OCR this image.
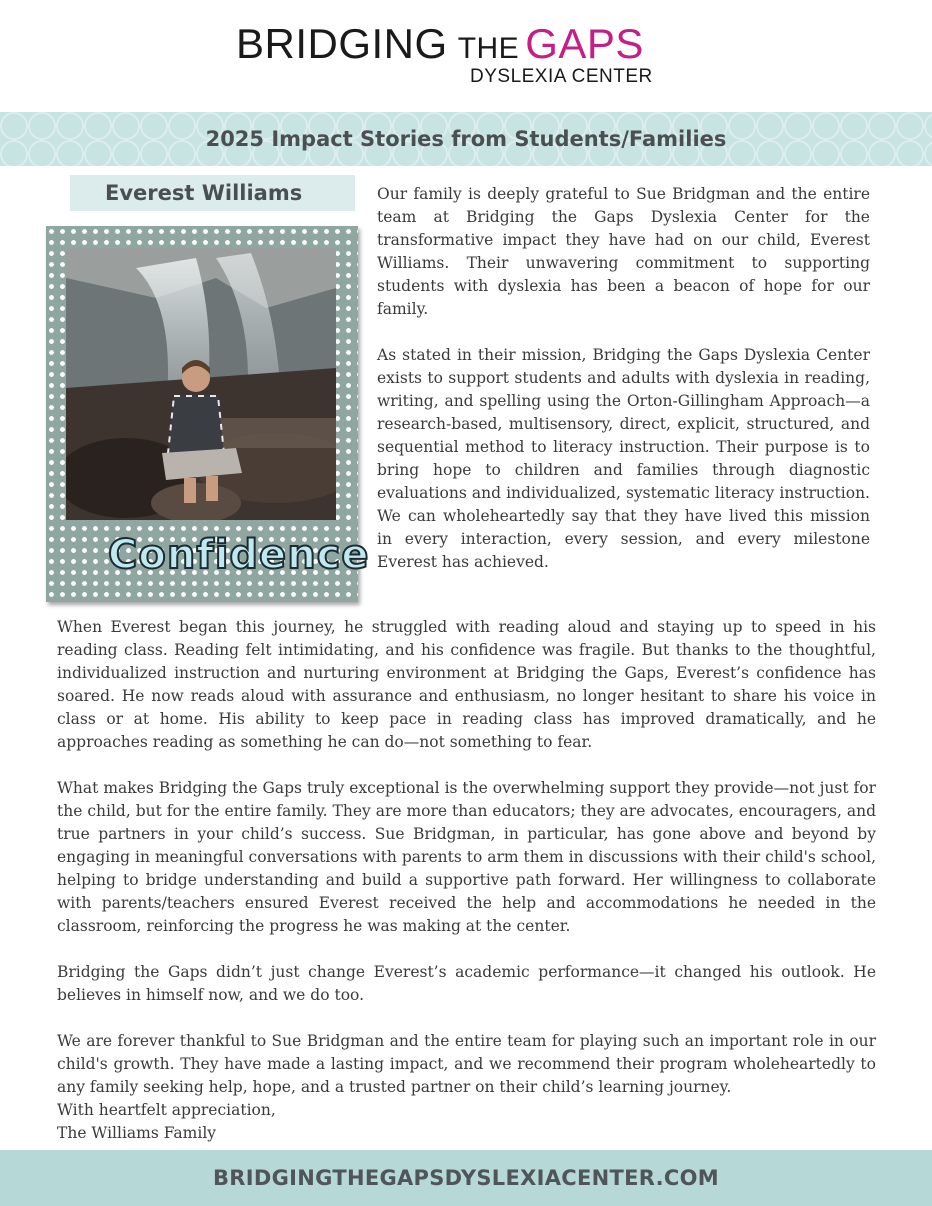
BRIDGING THE GAPS
DYSLEXIA CENTER
2025 Impact Stories from Students/Families
Everest Williams
Confidence

Our family is deeply grateful to Sue Bridgman and the entire team at Bridging the Gaps Dyslexia Center for the transformative impact they have had on our child, Everest Williams. Their unwavering commitment to supporting students with dyslexia has been a beacon of hope for our family.

As stated in their mission, Bridging the Gaps Dyslexia Center exists to support students and adults with dyslexia in reading, writing, and spelling using the Orton-Gillingham Approach—a research-based, multisensory, direct, explicit, structured, and sequential method to literacy instruction. Their purpose is to bring hope to children and families through diagnostic evaluations and individualized, systematic literacy instruction. We can wholeheartedly say that they have lived this mission in every interaction, every session, and every milestone Everest has achieved.

When Everest began this journey, he struggled with reading aloud and staying up to speed in his reading class. Reading felt intimidating, and his confidence was fragile. But thanks to the thoughtful, individualized instruction and nurturing environment at Bridging the Gaps, Everest’s confidence has soared. He now reads aloud with assurance and enthusiasm, no longer hesitant to share his voice in class or at home. His ability to keep pace in reading class has improved dramatically, and he approaches reading as something he can do—not something to fear.

What makes Bridging the Gaps truly exceptional is the overwhelming support they provide—not just for the child, but for the entire family. They are more than educators; they are advocates, encouragers, and true partners in your child’s success. Sue Bridgman, in particular, has gone above and beyond by engaging in meaningful conversations with parents to arm them in discussions with their child's school, helping to bridge understanding and build a supportive path forward. Her willingness to collaborate with parents/teachers ensured Everest received the help and accommodations he needed in the classroom, reinforcing the progress he was making at the center.

Bridging the Gaps didn’t just change Everest’s academic performance—it changed his outlook. He believes in himself now, and we do too.

We are forever thankful to Sue Bridgman and the entire team for playing such an important role in our child's growth. They have made a lasting impact, and we recommend their program wholeheartedly to any family seeking help, hope, and a trusted partner on their child’s learning journey.

With heartfelt appreciation,
The Williams Family
BRIDGINGTHEGAPSDYSLEXIACENTER.COM
